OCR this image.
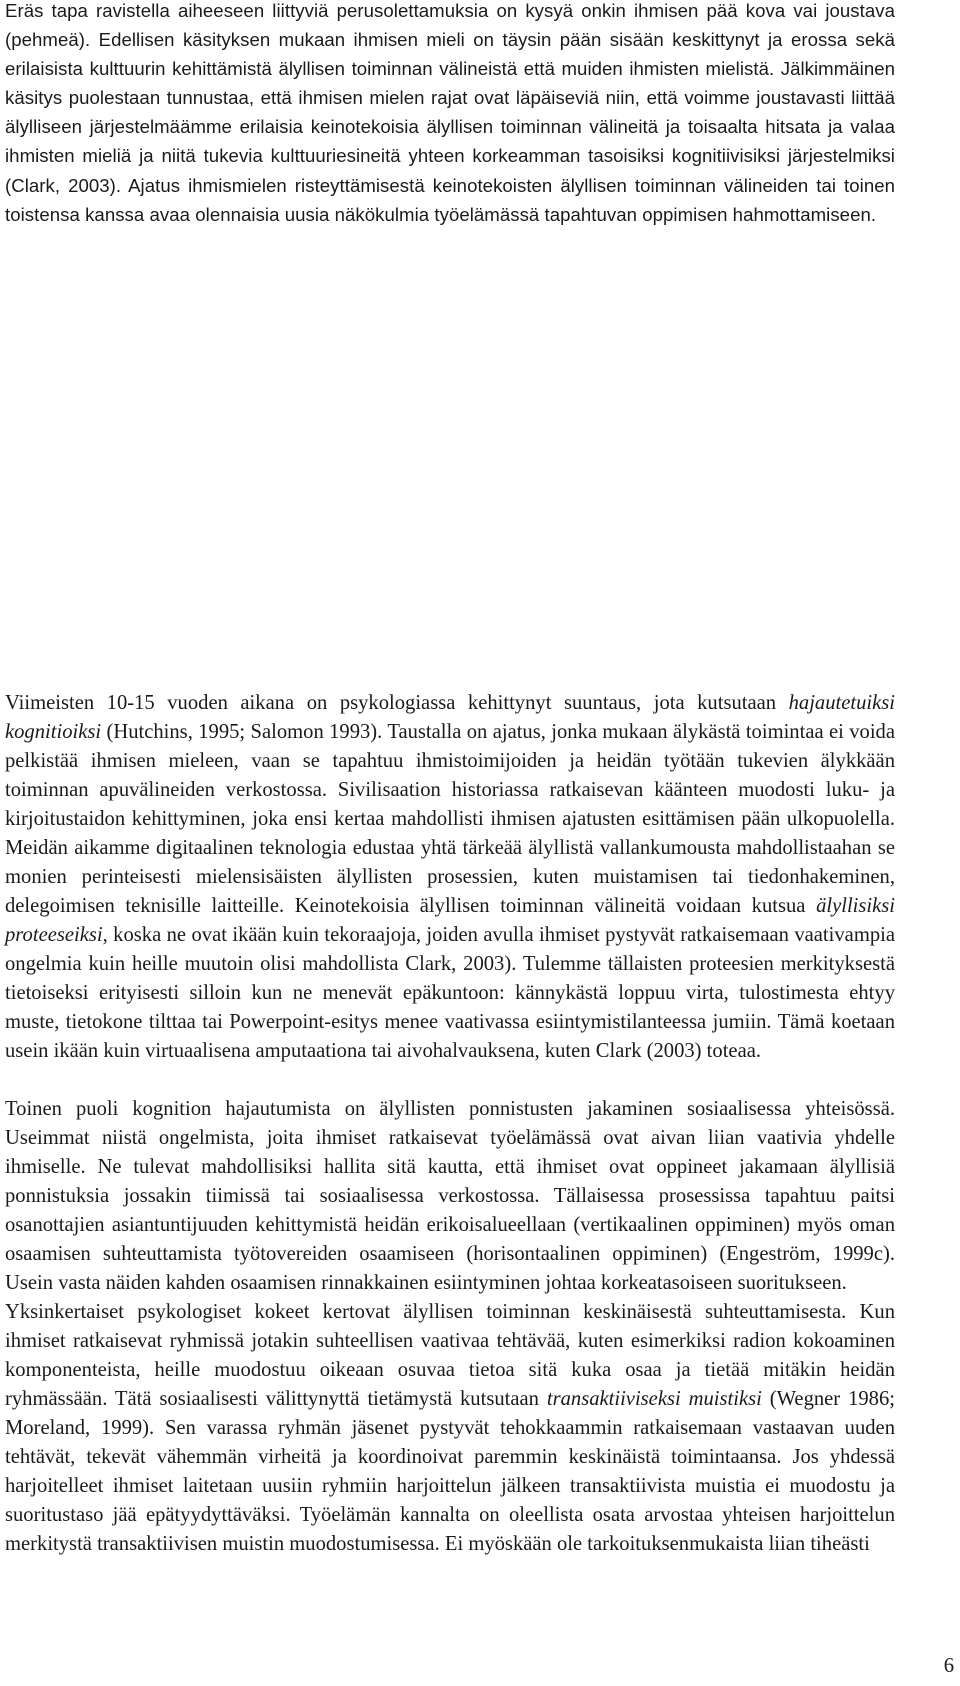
Eräs tapa ravistella aiheeseen liittyviä perusolettamuksia on kysyä onkin ihmisen pää kova vai joustava (pehmeä). Edellisen käsityksen mukaan ihmisen mieli on täysin pään sisään keskittynyt ja erossa sekä erilaisista kulttuurin kehittämistä älyllisen toiminnan välineistä että muiden ihmisten mielistä. Jälkimmäinen käsitys puolestaan tunnustaa, että ihmisen mielen rajat ovat läpäiseviä niin, että voimme joustavasti liittää älylliseen järjestelmäämme erilaisia keinotekoisia älyllisen toiminnan välineitä ja toisaalta hitsata ja valaa ihmisten mieliä ja niitä tukevia kulttuuriesineitä yhteen korkeamman tasoisiksi kognitiivisiksi järjestelmiksi (Clark, 2003). Ajatus ihmismielen risteyttämisestä keinotekoisten älyllisen toiminnan välineiden tai toinen toistensa kanssa avaa olennaisia uusia näkökulmia työelämässä tapahtuvan oppimisen hahmottamiseen.

Viimeisten 10-15 vuoden aikana on psykologiassa kehittynyt suuntaus, jota kutsutaan hajautetuiksi kognitioiksi (Hutchins, 1995; Salomon 1993). Taustalla on ajatus, jonka mukaan älykästä toimintaa ei voida pelkistää ihmisen mieleen, vaan se tapahtuu ihmistoimijoiden ja heidän työtään tukevien älykkään toiminnan apuvälineiden verkostossa. Sivilisaation historiassa ratkaisevan käänteen muodosti luku- ja kirjoitustaidon kehittyminen, joka ensi kertaa mahdollisti ihmisen ajatusten esittämisen pään ulkopuolella. Meidän aikamme digitaalinen teknologia edustaa yhtä tärkeää älyllistä vallankumousta mahdollistaahan se monien perinteisesti mielensisäisten älyllisten prosessien, kuten muistamisen tai tiedonhakeminen, delegoimisen teknisille laitteille. Keinotekoisia älyllisen toiminnan välineitä voidaan kutsua älyllisiksi proteeseiksi, koska ne ovat ikään kuin tekoraajoja, joiden avulla ihmiset pystyvät ratkaisemaan vaativampia ongelmia kuin heille muutoin olisi mahdollista Clark, 2003). Tulemme tällaisten proteesien merkityksestä tietoiseksi erityisesti silloin kun ne menevät epäkuntoon: kännykästä loppuu virta, tulostimesta ehtyy muste, tietokone tilttaa tai Powerpoint-esitys menee vaativassa esiintymistilanteessa jumiin. Tämä koetaan usein ikään kuin virtuaalisena amputaationa tai aivohalvauksena, kuten Clark (2003) toteaa.

Toinen puoli kognition hajautumista on älyllisten ponnistusten jakaminen sosiaalisessa yhteisössä. Useimmat niistä ongelmista, joita ihmiset ratkaisevat työelämässä ovat aivan liian vaativia yhdelle ihmiselle. Ne tulevat mahdollisiksi hallita sitä kautta, että ihmiset ovat oppineet jakamaan älyllisiä ponnistuksia jossakin tiimissä tai sosiaalisessa verkostossa. Tällaisessa prosessissa tapahtuu paitsi osanottajien asiantuntijuuden kehittymistä heidän erikoisalueellaan (vertikaalinen oppiminen) myös oman osaamisen suhteuttamista työtovereiden osaamiseen (horisontaalinen oppiminen) (Engeström, 1999c). Usein vasta näiden kahden osaamisen rinnakkainen esiintyminen johtaa korkeatasoiseen suoritukseen.

Yksinkertaiset psykologiset kokeet kertovat älyllisen toiminnan keskinäisestä suhteuttamisesta. Kun ihmiset ratkaisevat ryhmissä jotakin suhteellisen vaativaa tehtävää, kuten esimerkiksi radion kokoaminen komponenteista, heille muodostuu oikeaan osuvaa tietoa sitä kuka osaa ja tietää mitäkin heidän ryhmässään. Tätä sosiaalisesti välittynyttä tietämystä kutsutaan transaktiiviseksi muistiksi (Wegner 1986; Moreland, 1999). Sen varassa ryhmän jäsenet pystyvät tehokkaammin ratkaisemaan vastaavan uuden tehtävät, tekevät vähemmän virheitä ja koordinoivat paremmin keskinäistä toimintaansa. Jos yhdessä harjoitelleet ihmiset laitetaan uusiin ryhmiin harjoittelun jälkeen transaktiivista muistia ei muodostu ja suoritustaso jää epätyydyttäväksi. Työelämän kannalta on oleellista osata arvostaa yhteisen harjoittelun merkitystä transaktiivisen muistin muodostumisessa. Ei myöskään ole tarkoituksenmukaista liian tiheästi

6
